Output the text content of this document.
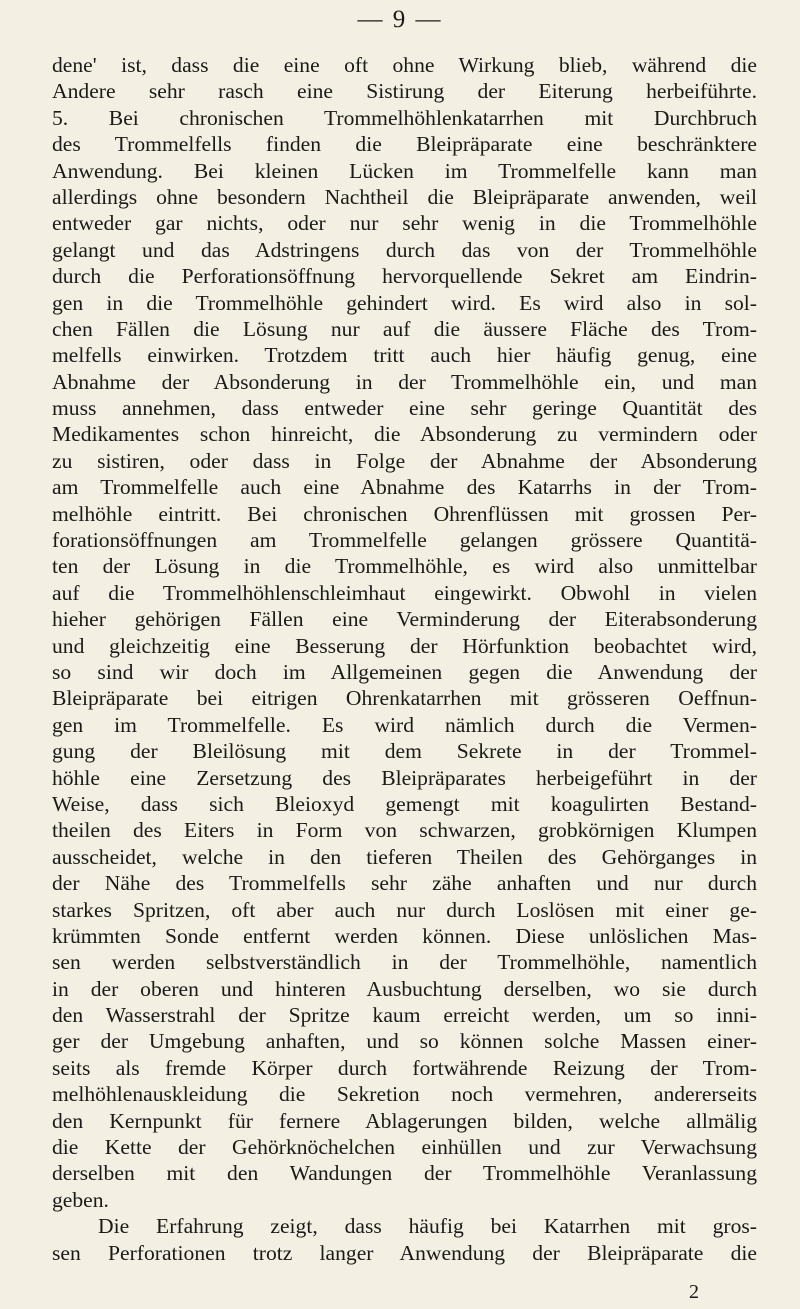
— 9 —
dene' ist, dass die eine oft ohne Wirkung blieb, während die
Andere sehr rasch eine Sistirung der Eiterung herbeiführte.
5. Bei chronischen Trommelhöhlenkatarrhen mit Durchbruch
des Trommelfells finden die Bleipräparate eine beschränktere
Anwendung. Bei kleinen Lücken im Trommelfelle kann man
allerdings ohne besondern Nachtheil die Bleipräparate anwenden, weil
entweder gar nichts, oder nur sehr wenig in die Trommelhöhle
gelangt und das Adstringens durch das von der Trommelhöhle
durch die Perforationsöffnung hervorquellende Sekret am Eindrin-
gen in die Trommelhöhle gehindert wird. Es wird also in sol-
chen Fällen die Lösung nur auf die äussere Fläche des Trom-
melfells einwirken. Trotzdem tritt auch hier häufig genug, eine
Abnahme der Absonderung in der Trommelhöhle ein, und man
muss annehmen, dass entweder eine sehr geringe Quantität des
Medikamentes schon hinreicht, die Absonderung zu vermindern oder
zu sistiren, oder dass in Folge der Abnahme der Absonderung
am Trommelfelle auch eine Abnahme des Katarrhs in der Trom-
melhöhle eintritt. Bei chronischen Ohrenflüssen mit grossen Per-
forationsöffnungen am Trommelfelle gelangen grössere Quantitä-
ten der Lösung in die Trommelhöhle, es wird also unmittelbar
auf die Trommelhöhlenschleimhaut eingewirkt. Obwohl in vielen
hieher gehörigen Fällen eine Verminderung der Eiterabsonderung
und gleichzeitig eine Besserung der Hörfunktion beobachtet wird,
so sind wir doch im Allgemeinen gegen die Anwendung der
Bleipräparate bei eitrigen Ohrenkatarrhen mit grösseren Oeffnun-
gen im Trommelfelle. Es wird nämlich durch die Vermen-
gung der Bleilösung mit dem Sekrete in der Trommel-
höhle eine Zersetzung des Bleipräparates herbeigeführt in der
Weise, dass sich Bleioxyd gemengt mit koagulirten Bestand-
theilen des Eiters in Form von schwarzen, grobkörnigen Klumpen
ausscheidet, welche in den tieferen Theilen des Gehörganges in
der Nähe des Trommelfells sehr zähe anhaften und nur durch
starkes Spritzen, oft aber auch nur durch Loslösen mit einer ge-
krümmten Sonde entfernt werden können. Diese unlöslichen Mas-
sen werden selbstverständlich in der Trommelhöhle, namentlich
in der oberen und hinteren Ausbuchtung derselben, wo sie durch
den Wasserstrahl der Spritze kaum erreicht werden, um so inni-
ger der Umgebung anhaften, und so können solche Massen einer-
seits als fremde Körper durch fortwährende Reizung der Trom-
melhöhlenauskleidung die Sekretion noch vermehren, andererseits
den Kernpunkt für fernere Ablagerungen bilden, welche allmälig
die Kette der Gehörknöchelchen einhüllen und zur Verwachsung
derselben mit den Wandungen der Trommelhöhle Veranlassung
geben.
Die Erfahrung zeigt, dass häufig bei Katarrhen mit gros-
sen Perforationen trotz langer Anwendung der Bleipräparate die
2
